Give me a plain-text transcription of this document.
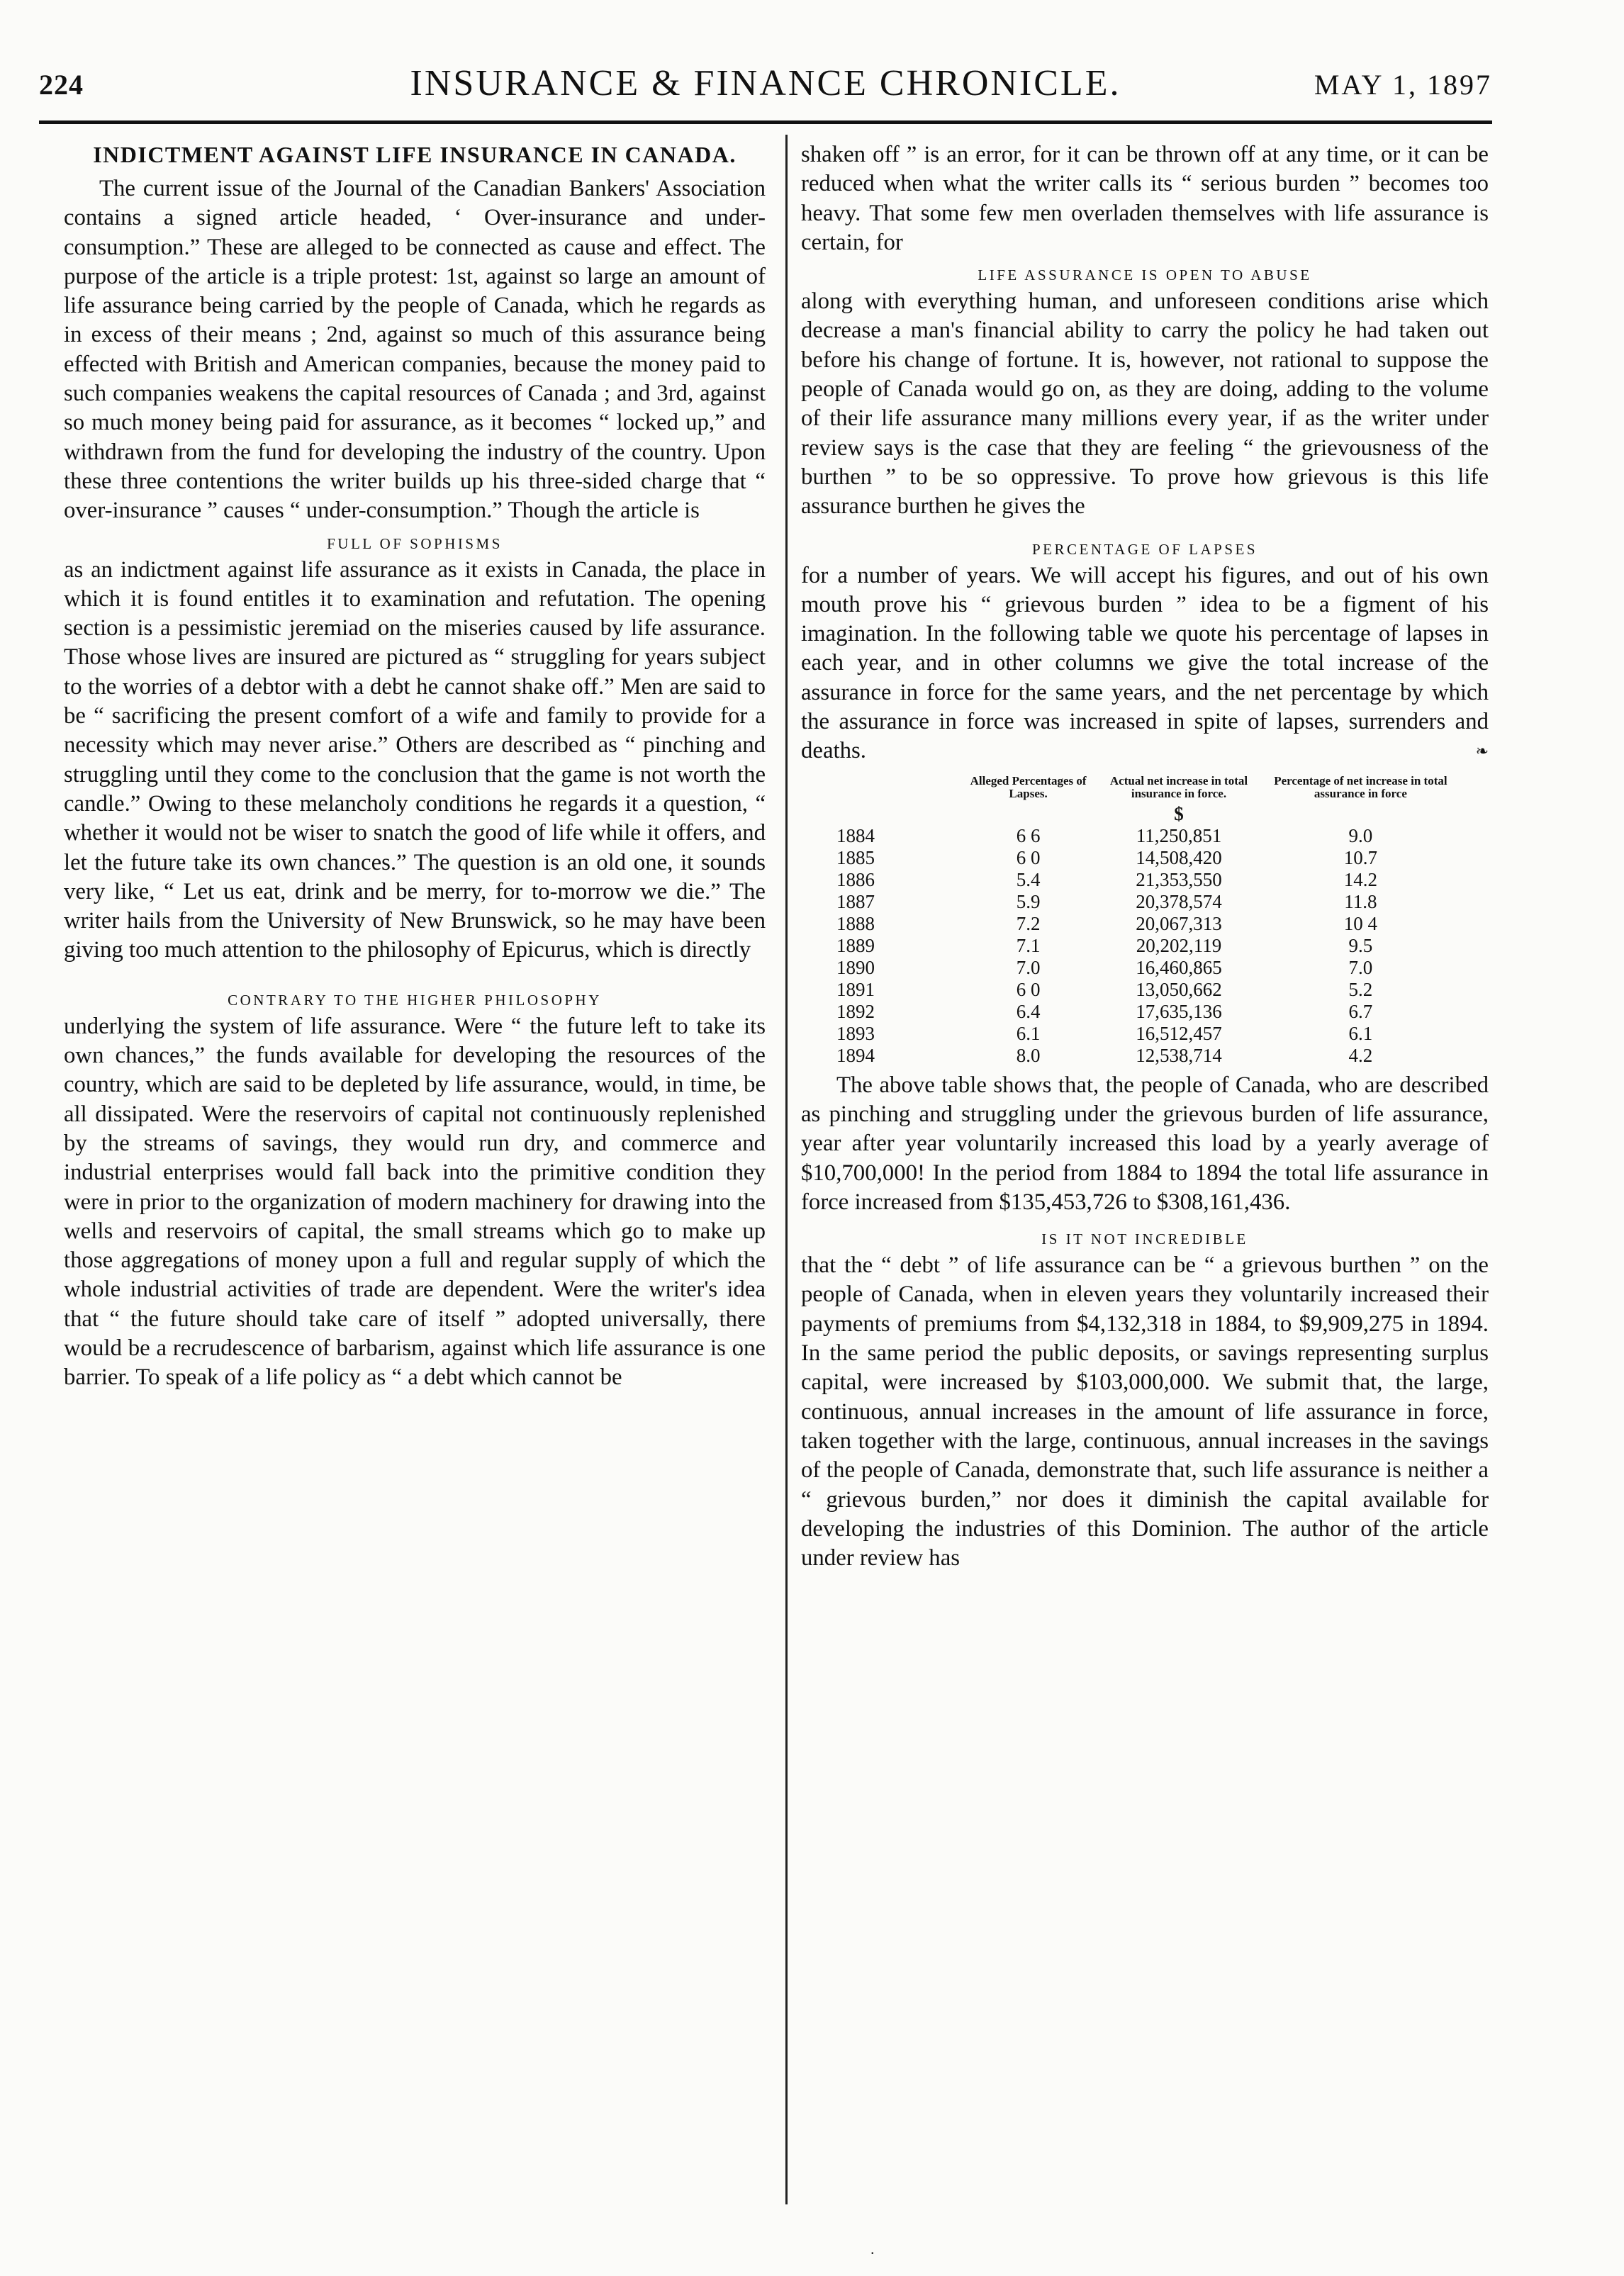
224	INSURANCE & FINANCE CHRONICLE.	MAY 1, 1897
INDICTMENT AGAINST LIFE INSURANCE IN CANADA.

The current issue of the Journal of the Canadian Bankers' Association contains a signed article headed, ‘ Over-insurance and under-consumption.” These are alleged to be connected as cause and effect. The purpose of the article is a triple protest: 1st, against so large an amount of life assurance being carried by the people of Canada, which he regards as in excess of their means ; 2nd, against so much of this assurance being effected with British and American companies, because the money paid to such companies weakens the capital resources of Canada ; and 3rd, against so much money being paid for assurance, as it becomes “ locked up,” and withdrawn from the fund for developing the industry of the country. Upon these three contentions the writer builds up his three-sided charge that “ over-insurance ” causes “ under-consumption.” Though the article is

FULL OF SOPHISMS

as an indictment against life assurance as it exists in Canada, the place in which it is found entitles it to examination and refutation. The opening section is a pessimistic jeremiad on the miseries caused by life assurance. Those whose lives are insured are pictured as “ struggling for years subject to the worries of a debtor with a debt he cannot shake off.” Men are said to be “ sacrificing the present comfort of a wife and family to provide for a necessity which may never arise.” Others are described as “ pinching and struggling until they come to the conclusion that the game is not worth the candle.” Owing to these melancholy conditions he regards it a question, “ whether it would not be wiser to snatch the good of life while it offers, and let the future take its own chances.” The question is an old one, it sounds very like, “ Let us eat, drink and be merry, for to-morrow we die.” The writer hails from the University of New Brunswick, so he may have been giving too much attention to the philosophy of Epicurus, which is directly

CONTRARY TO THE HIGHER PHILOSOPHY

underlying the system of life assurance. Were “ the future left to take its own chances,” the funds available for developing the resources of the country, which are said to be depleted by life assurance, would, in time, be all dissipated. Were the reservoirs of capital not continuously replenished by the streams of savings, they would run dry, and commerce and industrial enterprises would fall back into the primitive condition they were in prior to the organization of modern machinery for drawing into the wells and reservoirs of capital, the small streams which go to make up those aggregations of money upon a full and regular supply of which the whole industrial activities of trade are dependent. Were the writer's idea that “ the future should take care of itself ” adopted universally, there would be a recrudescence of barbarism, against which life assurance is one barrier. To speak of a life policy as “ a debt which cannot be

shaken off ” is an error, for it can be thrown off at any time, or it can be reduced when what the writer calls its “ serious burden ” becomes too heavy. That some few men overladen themselves with life assurance is certain, for

LIFE ASSURANCE IS OPEN TO ABUSE

along with everything human, and unforeseen conditions arise which decrease a man's financial ability to carry the policy he had taken out before his change of fortune. It is, however, not rational to suppose the people of Canada would go on, as they are doing, adding to the volume of their life assurance many millions every year, if as the writer under review says is the case that they are feeling “ the grievousness of the burthen ” to be so oppressive. To prove how grievous is this life assurance burthen he gives the

PERCENTAGE OF LAPSES

for a number of years. We will accept his figures, and out of his own mouth prove his “ grievous burden ” idea to be a figment of his imagination. In the following table we quote his percentage of lapses in each year, and in other columns we give the total increase of the assurance in force for the same years, and the net percentage by which the assurance in force was increased in spite of lapses, surrenders and deaths.	❧

	Alleged Percentages of Lapses.	Actual net increase in total insurance in force.	Percentage of net increase in total assurance in force
		$	
1884	6 6	11,250,851	9.0
1885	6 0	14,508,420	10.7
1886	5.4	21,353,550	14.2
1887	5.9	20,378,574	11.8
1888	7.2	20,067,313	10 4
1889	7.1	20,202,119	9.5
1890	7.0	16,460,865	7.0
1891	6 0	13,050,662	5.2
1892	6.4	17,635,136	6.7
1893	6.1	16,512,457	6.1
1894	8.0	12,538,714	4.2

The above table shows that, the people of Canada, who are described as pinching and struggling under the grievous burden of life assurance, year after year voluntarily increased this load by a yearly average of $10,700,000! In the period from 1884 to 1894 the total life assurance in force increased from $135,453,726 to $308,161,436.

IS IT NOT INCREDIBLE

that the “ debt ” of life assurance can be “ a grievous burthen ” on the people of Canada, when in eleven years they voluntarily increased their payments of premiums from $4,132,318 in 1884, to $9,909,275 in 1894. In the same period the public deposits, or savings representing surplus capital, were increased by $103,000,000. We submit that, the large, continuous, annual increases in the amount of life assurance in force, taken together with the large, continuous, annual increases in the savings of the people of Canada, demonstrate that, such life assurance is neither a “ grievous burden,” nor does it diminish the capital available for developing the industries of this Dominion. The author of the article under review has

.
